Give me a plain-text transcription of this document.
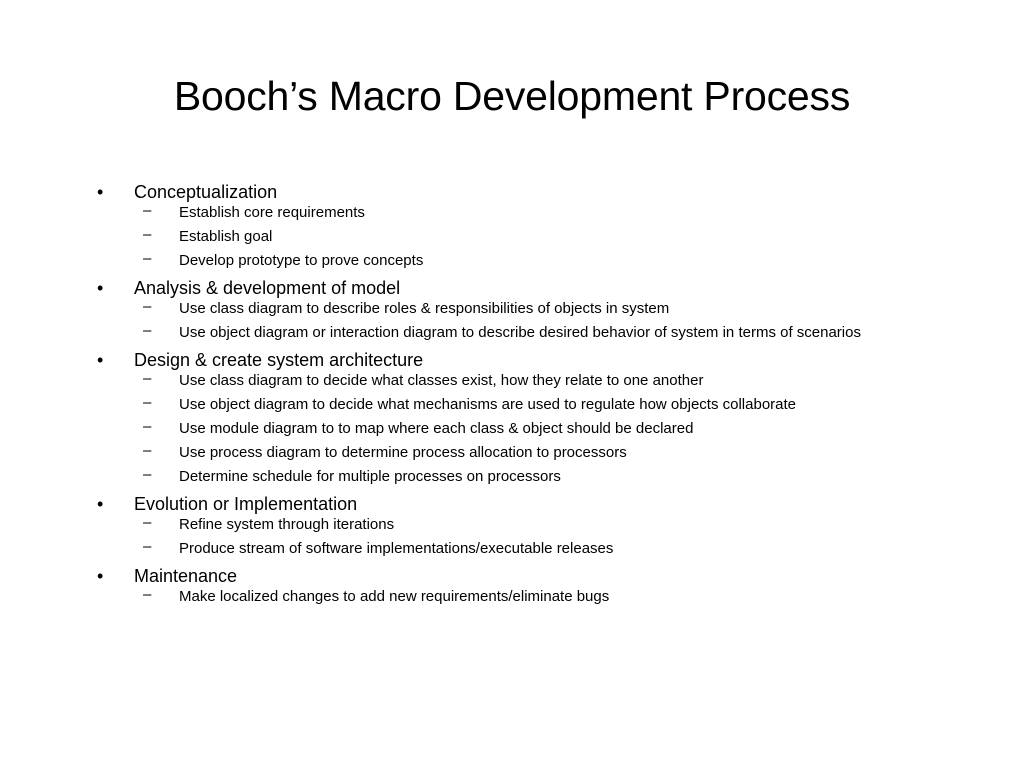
Booch’s Macro Development Process
• Conceptualization
– Establish core requirements
– Establish goal
– Develop prototype to prove concepts
• Analysis & development of model
– Use class diagram to describe roles & responsibilities of objects in system
– Use object diagram or interaction diagram to describe desired behavior of system in terms of scenarios
• Design & create system architecture
– Use class diagram to decide what classes exist, how they relate to one another
– Use object diagram to decide what mechanisms are used to regulate how objects collaborate
– Use module diagram to to map where each class & object should be declared
– Use process diagram to determine process allocation to processors
– Determine schedule for multiple processes on processors
• Evolution or Implementation
– Refine system through iterations
– Produce stream of software implementations/executable releases
• Maintenance
– Make localized changes to add new requirements/eliminate bugs
